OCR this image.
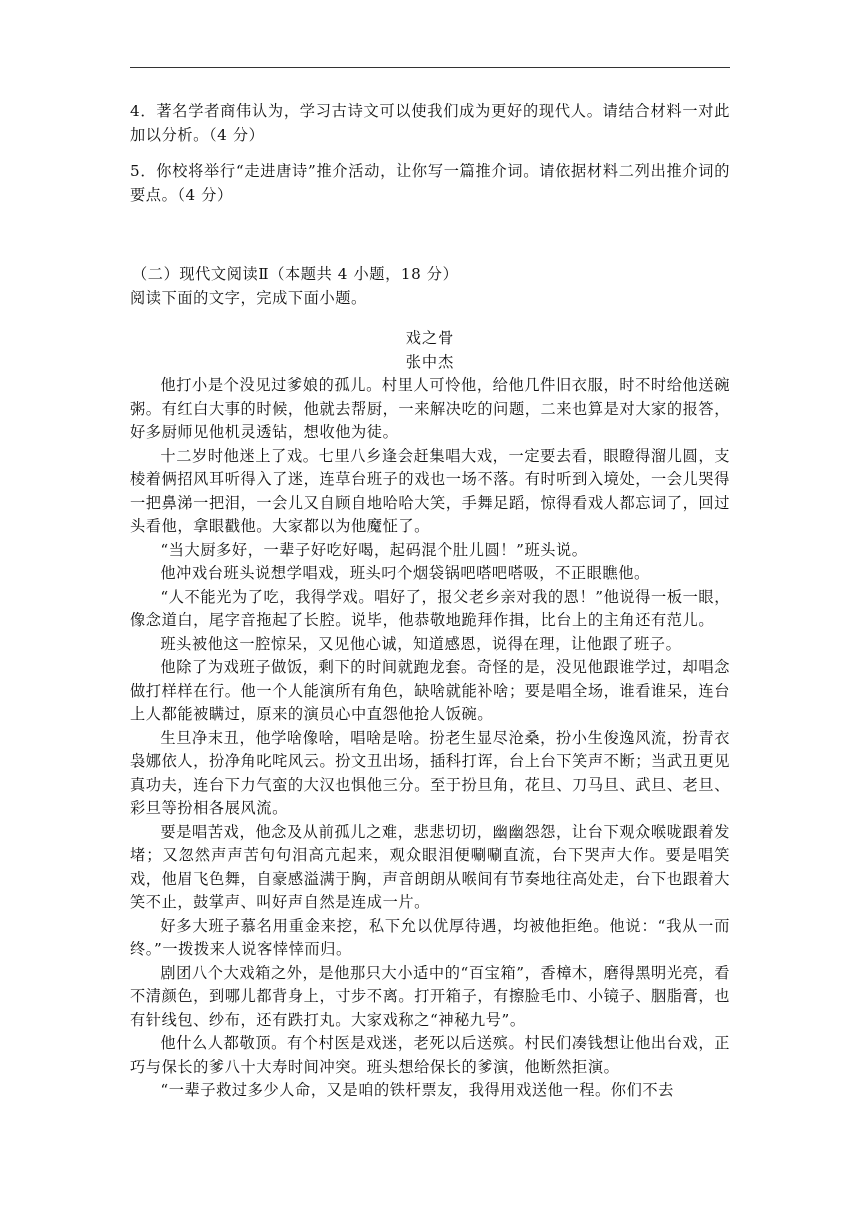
4．著名学者商伟认为，学习古诗文可以使我们成为更好的现代人。请结合材料一对此加以分析。（4 分）

5．你校将举行“走进唐诗”推介活动，让你写一篇推介词。请依据材料二列出推介词的要点。（4 分）

（二）现代文阅读Ⅱ（本题共 4 小题，18 分）

阅读下面的文字，完成下面小题。

戏之骨

张中杰

他打小是个没见过爹娘的孤儿。村里人可怜他，给他几件旧衣服，时不时给他送碗粥。有红白大事的时候，他就去帮厨，一来解决吃的问题，二来也算是对大家的报答，好多厨师见他机灵透钻，想收他为徒。

十二岁时他迷上了戏。七里八乡逢会赶集唱大戏，一定要去看，眼瞪得溜儿圆，支棱着俩招风耳听得入了迷，连草台班子的戏也一场不落。有时听到入境处，一会儿哭得一把鼻涕一把泪，一会儿又自顾自地哈哈大笑，手舞足蹈，惊得看戏人都忘词了，回过头看他，拿眼戳他。大家都以为他魔怔了。

“当大厨多好，一辈子好吃好喝，起码混个肚儿圆！”班头说。

他冲戏台班头说想学唱戏，班头叼个烟袋锅吧嗒吧嗒吸，不正眼瞧他。

“人不能光为了吃，我得学戏。唱好了，报父老乡亲对我的恩！”他说得一板一眼，像念道白，尾字音拖起了长腔。说毕，他恭敬地跪拜作揖，比台上的主角还有范儿。

班头被他这一腔惊呆，又见他心诚，知道感恩，说得在理，让他跟了班子。

他除了为戏班子做饭，剩下的时间就跑龙套。奇怪的是，没见他跟谁学过，却唱念做打样样在行。他一个人能演所有角色，缺啥就能补啥；要是唱全场，谁看谁呆，连台上人都能被瞒过，原来的演员心中直怨他抢人饭碗。

生旦净末丑，他学啥像啥，唱啥是啥。扮老生显尽沧桑，扮小生俊逸风流，扮青衣袅娜依人，扮净角叱咤风云。扮文丑出场，插科打诨，台上台下笑声不断；当武丑更见真功夫，连台下力气蛮的大汉也惧他三分。至于扮旦角，花旦、刀马旦、武旦、老旦、彩旦等扮相各展风流。

要是唱苦戏，他念及从前孤儿之难，悲悲切切，幽幽怨怨，让台下观众喉咙跟着发堵；又忽然声声苦句句泪高亢起来，观众眼泪便唰唰直流，台下哭声大作。要是唱笑戏，他眉飞色舞，自豪感溢满于胸，声音朗朗从喉间有节奏地往高处走，台下也跟着大笑不止，鼓掌声、叫好声自然是连成一片。

好多大班子慕名用重金来挖，私下允以优厚待遇，均被他拒绝。他说：“我从一而终。”一拨拨来人说客悻悻而归。

剧团八个大戏箱之外，是他那只大小适中的“百宝箱”，香樟木，磨得黑明光亮，看不清颜色，到哪儿都背身上，寸步不离。打开箱子，有擦脸毛巾、小镜子、胭脂膏，也有针线包、纱布，还有跌打丸。大家戏称之“神秘九号”。

他什么人都敬顶。有个村医是戏迷，老死以后送殡。村民们凑钱想让他出台戏，正巧与保长的爹八十大寿时间冲突。班头想给保长的爹演，他断然拒演。

“一辈子救过多少人命，又是咱的铁杆票友，我得用戏送他一程。你们不去
